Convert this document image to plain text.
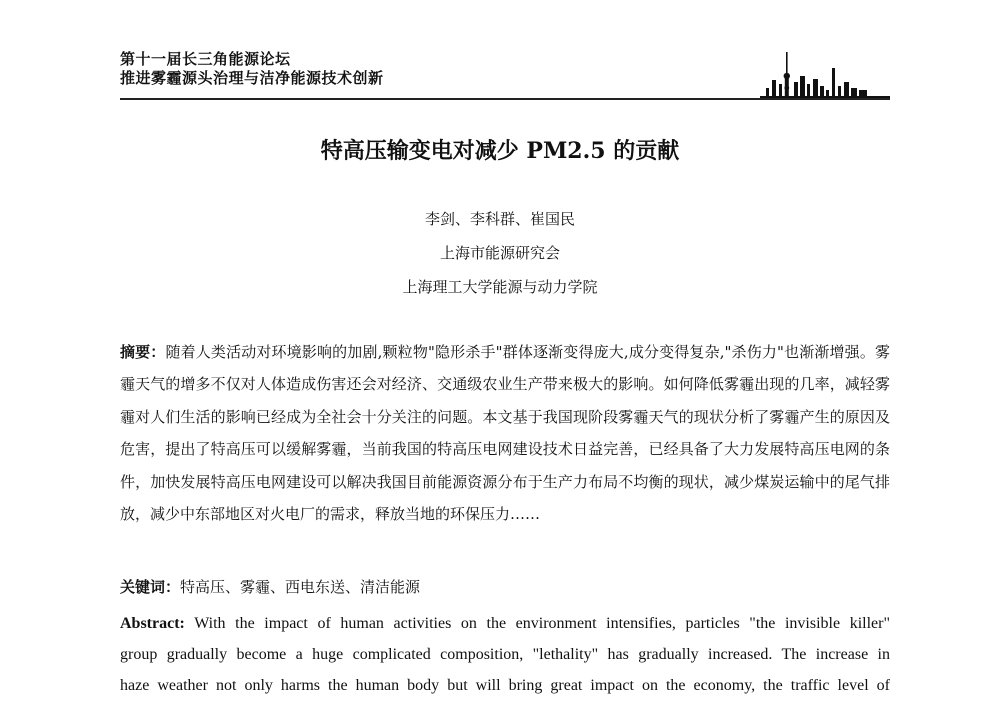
第十一届长三角能源论坛
推进雾霾源头治理与洁净能源技术创新
特高压输变电对减少 PM2.5 的贡献
李剑、李科群、崔国民
上海市能源研究会
上海理工大学能源与动力学院
摘要：随着人类活动对环境影响的加剧,颗粒物"隐形杀手"群体逐渐变得庞大,成分变得复杂,"杀伤力"也渐渐增强。雾霾天气的增多不仅对人体造成伤害还会对经济、交通级农业生产带来极大的影响。如何降低雾霾出现的几率，减轻雾霾对人们生活的影响已经成为全社会十分关注的问题。本文基于我国现阶段雾霾天气的现状分析了雾霾产生的原因及危害，提出了特高压可以缓解雾霾，当前我国的特高压电网建设技术日益完善，已经具备了大力发展特高压电网的条件，加快发展特高压电网建设可以解决我国目前能源资源分布于生产力布局不均衡的现状，减少煤炭运输中的尾气排放，减少中东部地区对火电厂的需求，释放当地的环保压力……
关键词：特高压、雾霾、西电东送、清洁能源
Abstract: With the impact of human activities on the environment intensifies, particles "the invisible killer"
group gradually become a huge complicated composition, "lethality" has gradually increased. The increase in
haze weather not only harms the human body but will bring great impact on the economy, the traffic level of
